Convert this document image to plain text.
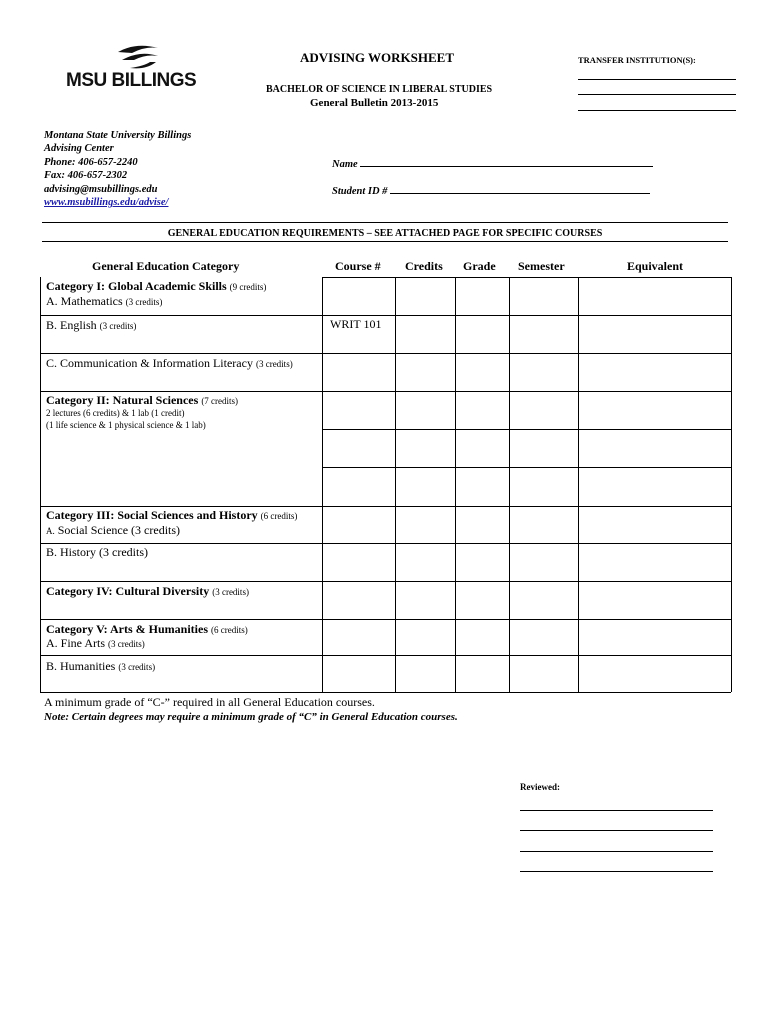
MSU BILLINGS
ADVISING WORKSHEET
BACHELOR OF SCIENCE IN LIBERAL STUDIES
General Bulletin 2013-2015
TRANSFER INSTITUTION(S):
Montana State University Billings
Advising Center
Phone: 406-657-2240
Fax: 406-657-2302
advising@msubillings.edu
www.msubillings.edu/advise/
Name
Student ID #
GENERAL EDUCATION REQUIREMENTS – SEE ATTACHED PAGE FOR SPECIFIC COURSES
General Education Category	Course # Credits Grade Semester	Equivalent
Category I: Global Academic Skills (9 credits)
A. Mathematics (3 credits)
B. English (3 credits)	WRIT 101
C. Communication & Information Literacy (3 credits)
Category II: Natural Sciences (7 credits)
2 lectures (6 credits) & 1 lab (1 credit)
(1 life science & 1 physical science & 1 lab)
Category III: Social Sciences and History (6 credits)
A. Social Science (3 credits)
B. History (3 credits)
Category IV: Cultural Diversity (3 credits)
Category V: Arts & Humanities (6 credits)
A. Fine Arts (3 credits)
B. Humanities (3 credits)
A minimum grade of “C-” required in all General Education courses.
Note: Certain degrees may require a minimum grade of “C” in General Education courses.
Reviewed:
